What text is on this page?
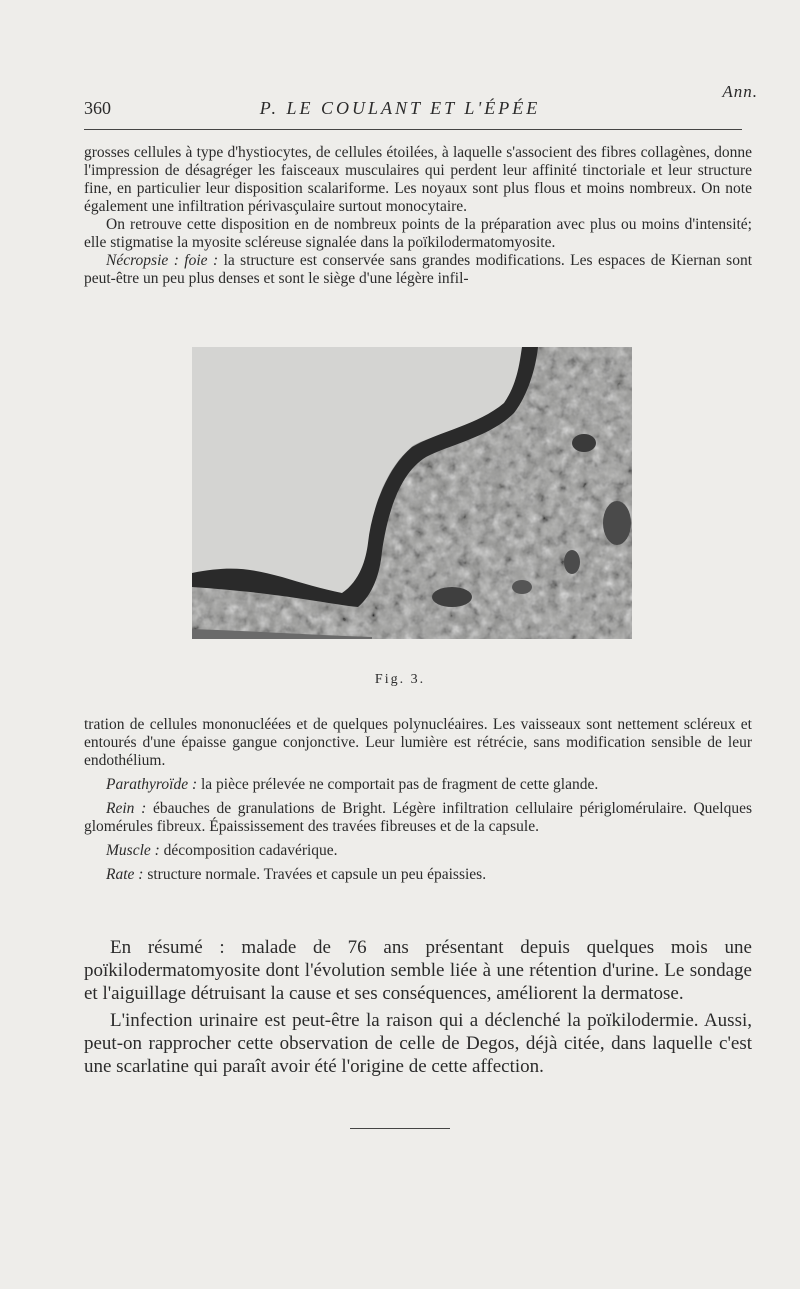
Ann.
360	P. LE COULANT ET L'ÉPÉE

grosses cellules à type d'hystiocytes, de cellules étoilées, à laquelle s'associent des fibres collagènes, donne l'impression de désagréger les faisceaux musculaires qui perdent leur affinité tinctoriale et leur structure fine, en particulier leur disposition scalariforme. Les noyaux sont plus flous et moins nombreux. On note également une infiltration périvasçulaire surtout monocytaire.

On retrouve cette disposition en de nombreux points de la préparation avec plus ou moins d'intensité; elle stigmatise la myosite scléreuse signalée dans la poïkilodermatomyosite.

Nécropsie : foie : la structure est conservée sans grandes modifications. Les espaces de Kiernan sont peut-être un peu plus denses et sont le siège d'une légère infil-

Fig. 3.

tration de cellules mononucléées et de quelques polynucléaires. Les vaisseaux sont nettement scléreux et entourés d'une épaisse gangue conjonctive. Leur lumière est rétrécie, sans modification sensible de leur endothélium.

Parathyroïde : la pièce prélevée ne comportait pas de fragment de cette glande.

Rein : ébauches de granulations de Bright. Légère infiltration cellulaire périglomérulaire. Quelques glomérules fibreux. Épaississement des travées fibreuses et de la capsule.

Muscle : décomposition cadavérique.

Rate : structure normale. Travées et capsule un peu épaissies.

En résumé : malade de 76 ans présentant depuis quelques mois une poïkilodermatomyosite dont l'évolution semble liée à une rétention d'urine. Le sondage et l'aiguillage détruisant la cause et ses conséquences, améliorent la dermatose.

L'infection urinaire est peut-être la raison qui a déclenché la poïkilodermie. Aussi, peut-on rapprocher cette observation de celle de Degos, déjà citée, dans laquelle c'est une scarlatine qui paraît avoir été l'origine de cette affection.
